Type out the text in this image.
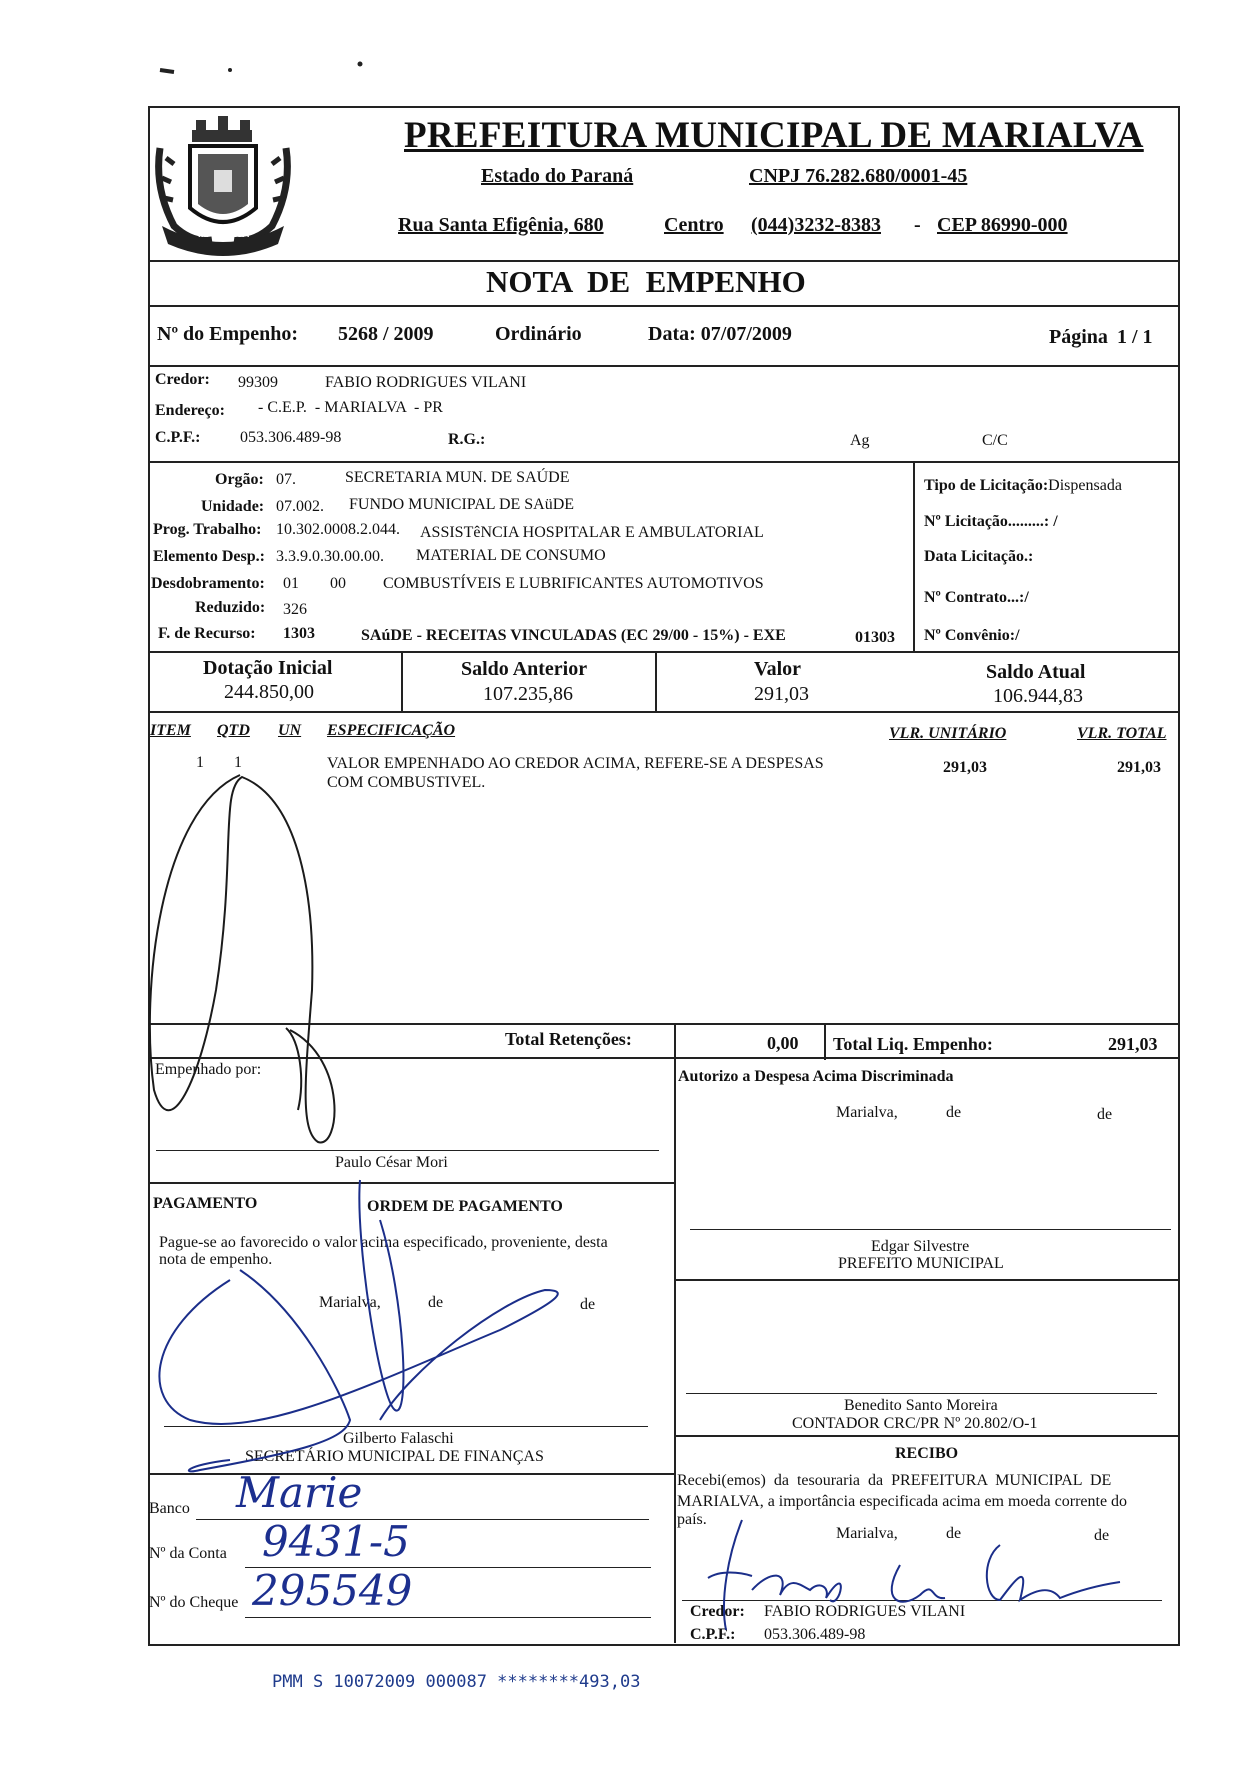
MARIALVA
PREFEITURA MUNICIPAL DE MARIALVA
Estado do Paraná	CNPJ 76.282.680/0001-45
Rua Santa Efigênia, 680	Centro (044)3232-8383 - CEP 86990-000
NOTA  DE  EMPENHO
Nº do Empenho: 5268 / 2009	Ordinário	Data: 07/07/2009	Página 1 / 1
Credor: 99309	FABIO RODRIGUES VILANI
Endereço: - C.E.P.  - MARIALVA  - PR
C.P.F.: 053.306.489-98	R.G.:	Ag	C/C
Orgão: 07.	SECRETARIA MUN. DE SAÚDE
Unidade: 07.002. FUNDO MUNICIPAL DE SAüDE
Prog. Trabalho: 10.302.0008.2.044. ASSISTêNCIA HOSPITALAR E AMBULATORIAL
Elemento Desp.: 3.3.9.0.30.00.00. MATERIAL DE CONSUMO
Desdobramento: 01 00 COMBUSTÍVEIS E LUBRIFICANTES AUTOMOTIVOS
Reduzido: 326
F. de Recurso: 1303	SAúDE - RECEITAS VINCULADAS (EC 29/00 - 15%) - EXE	01303
Tipo de Licitação:Dispensada
Nº Licitação.........: /
Data Licitação.:
Nº Contrato...:/
Nº Convênio:/
Dotação Inicial
244.850,00
Saldo Anterior
107.235,86
Valor
291,03
Saldo Atual
106.944,83
ITEM QTD UN ESPECIFICAÇÃO	VLR. UNITÁRIO	VLR. TOTAL
1 1	VALOR EMPENHADO AO CREDOR ACIMA, REFERE-SE A DESPESAS
COM COMBUSTIVEL.
291,03	291,03
Total Retenções:	0,00 Total Liq. Empenho:	291,03
Empenhado por:
Paulo César Mori
Autorizo a Despesa Acima Discriminada
Marialva,	de	de
Edgar Silvestre
PREFEITO MUNICIPAL
Benedito Santo Moreira
CONTADOR CRC/PR Nº 20.802/O-1
PAGAMENTO	ORDEM DE PAGAMENTO
Pague-se ao favorecido o valor acima especificado, proveniente, desta
nota de empenho.
Marialva,	de	de
Gilberto Falaschi
SECRETÁRIO MUNICIPAL DE FINANÇAS
Banco Marie
Nº da Conta 9431-5
Nº do Cheque 295549
RECIBO
Recebi(emos)  da  tesouraria  da  PREFEITURA  MUNICIPAL  DE
MARIALVA, a importância especificada acima em moeda corrente do
país.
Marialva,	de	de
Credor: FABIO RODRIGUES VILANI
C.P.F.: 053.306.489-98
PMM S 10072009 000087 ********493,03
